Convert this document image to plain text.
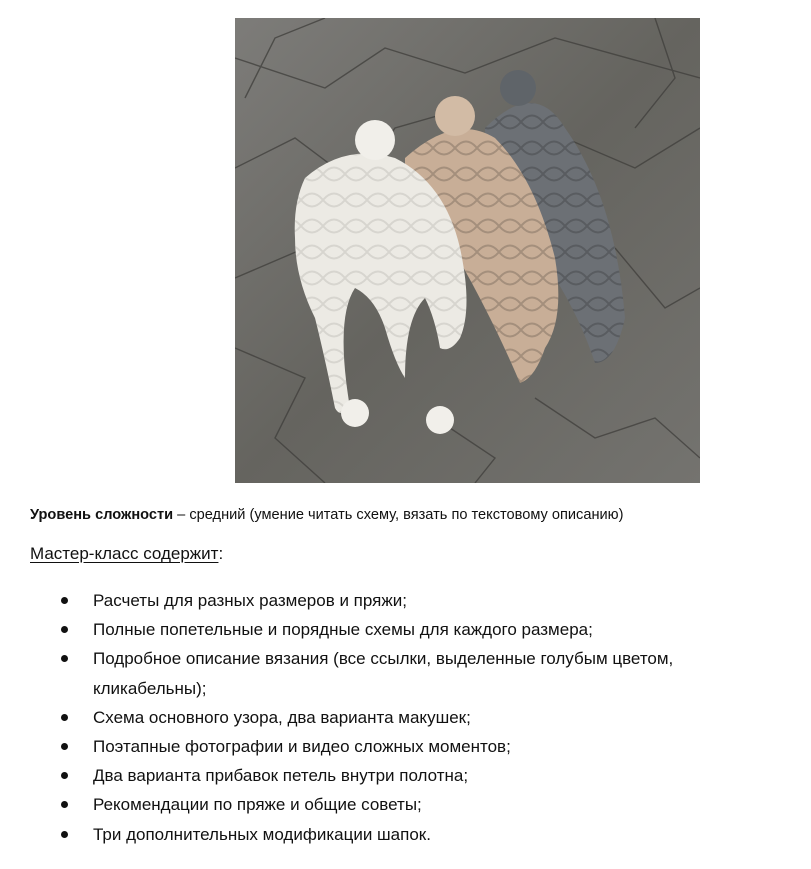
Уровень сложности – средний (умение читать схему, вязать по текстовому описанию)
Мастер-класс содержит:
Расчеты для разных размеров и пряжи;
Полные попетельные и порядные схемы для каждого размера;
Подробное описание вязания (все ссылки, выделенные голубым цветом, кликабельны);
Схема основного узора, два варианта макушек;
Поэтапные фотографии и видео сложных моментов;
Два варианта прибавок петель внутри полотна;
Рекомендации по пряже и общие советы;
Три дополнительных модификации шапок.
